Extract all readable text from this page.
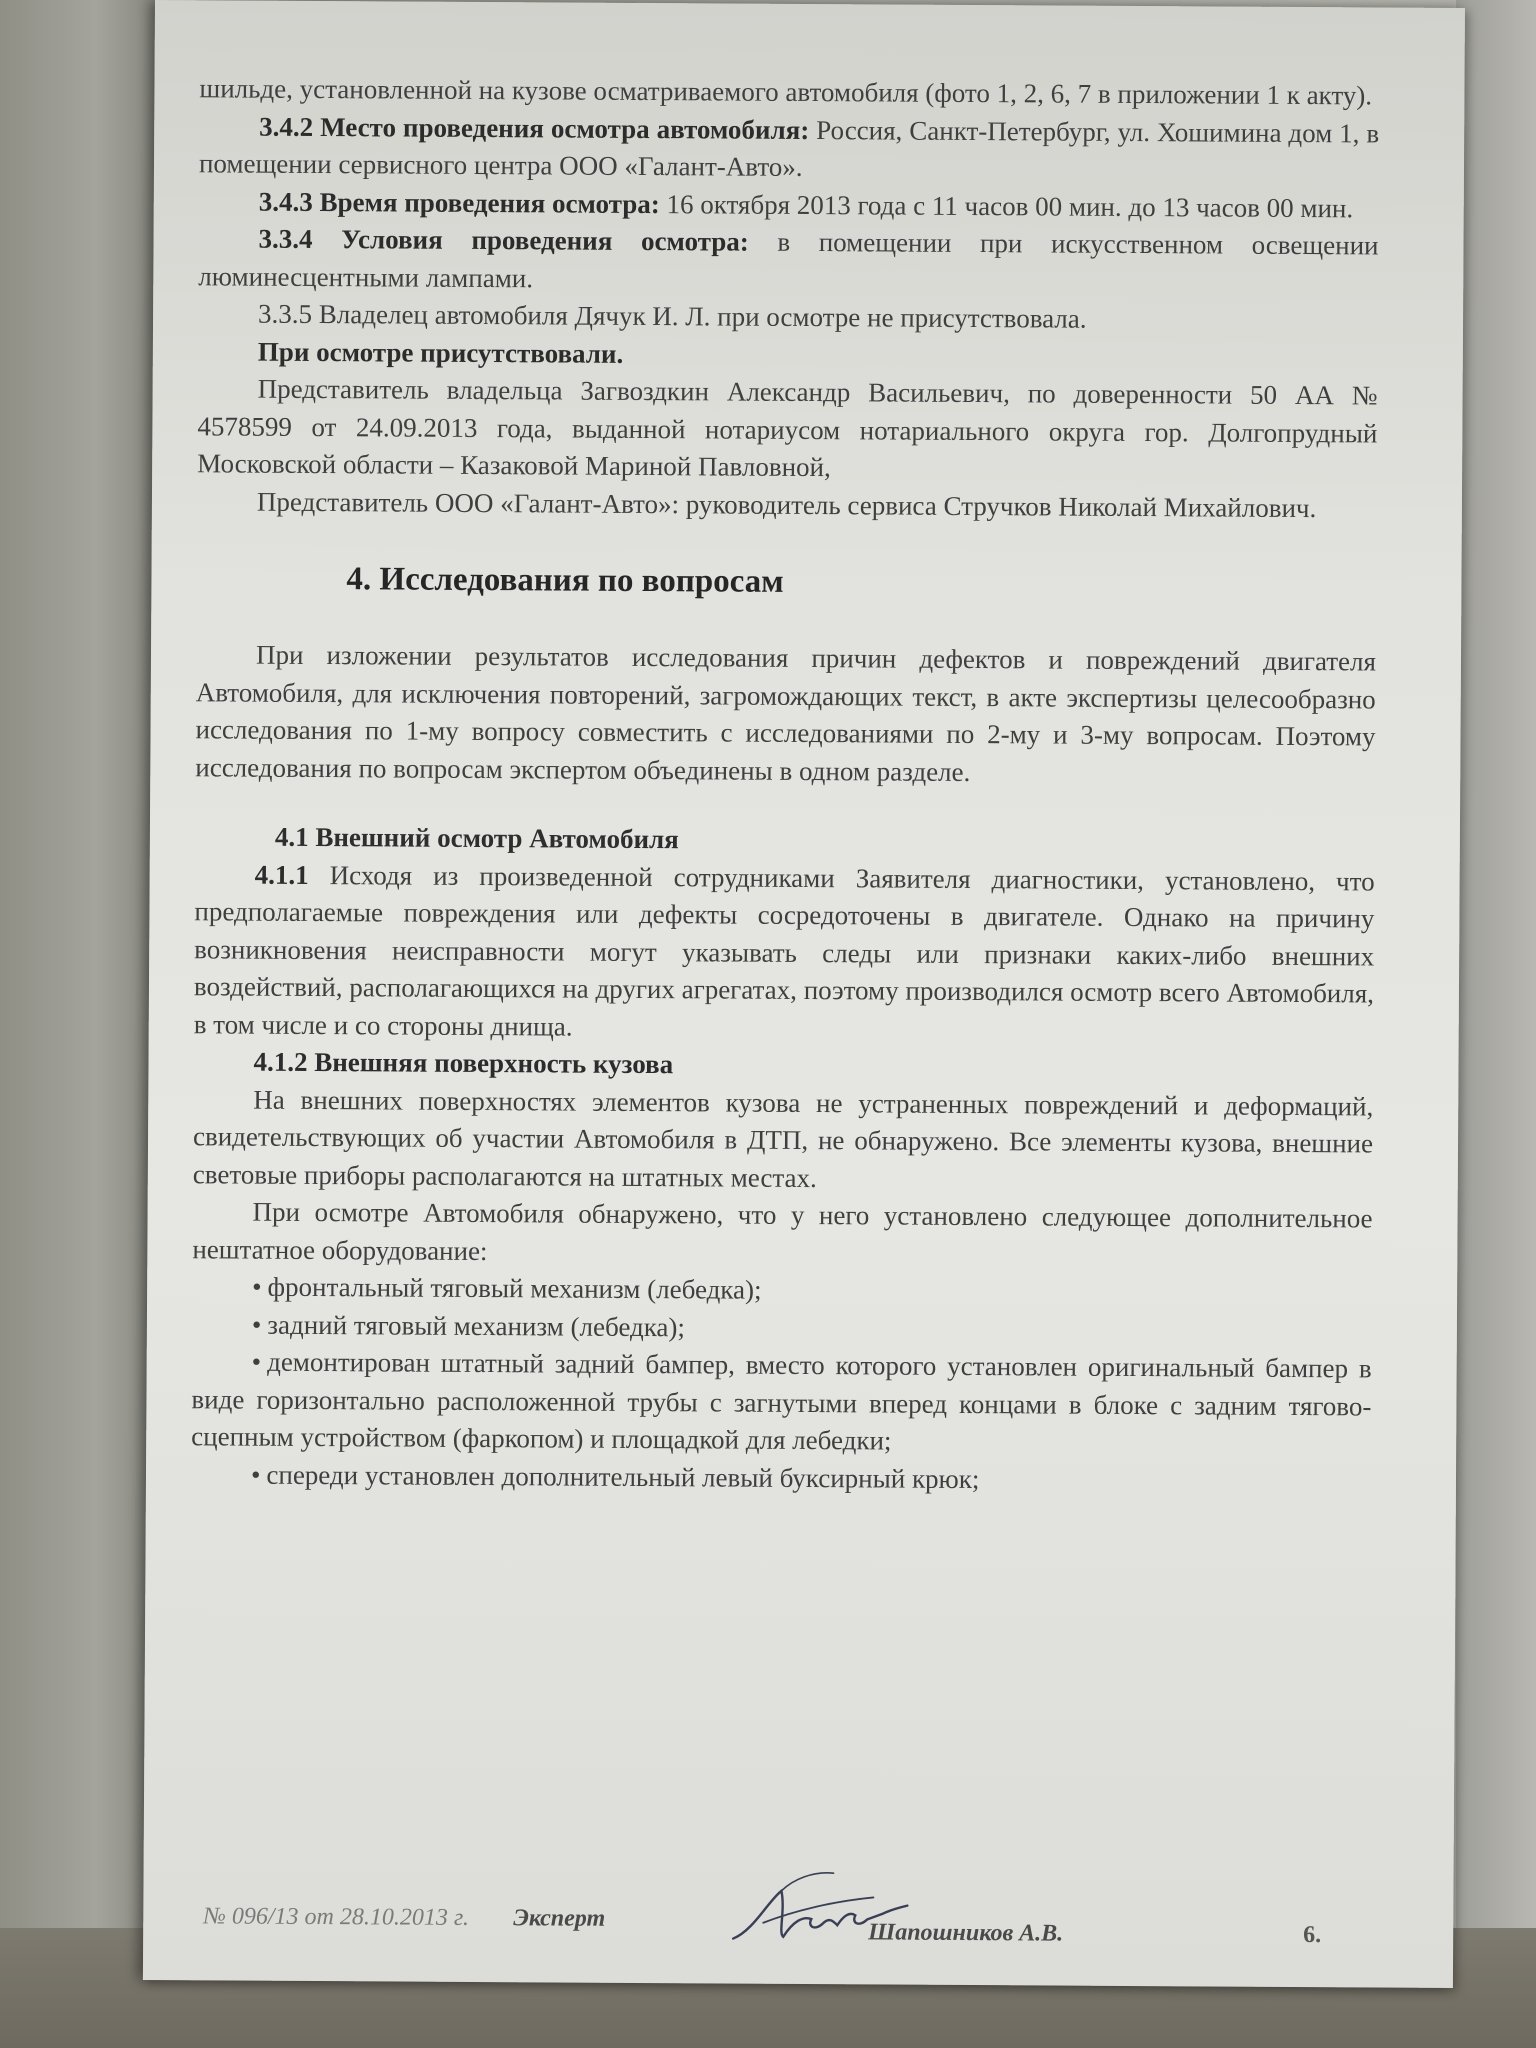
шильде, установленной на кузове осматриваемого автомобиля (фото 1, 2, 6, 7 в приложении 1 к акту).

3.4.2 Место проведения осмотра автомобиля: Россия, Санкт-Петербург, ул. Хошимина дом 1, в помещении сервисного центра ООО «Галант-Авто».

3.4.3 Время проведения осмотра: 16 октября 2013 года с 11 часов 00 мин. до 13 часов 00 мин.

3.3.4 Условия проведения осмотра: в помещении при искусственном освещении люминесцентными лампами.

3.3.5 Владелец автомобиля Дячук И. Л. при осмотре не присутствовала.

При осмотре присутствовали.

Представитель владельца Загвоздкин Александр Васильевич, по доверенности 50 АА № 4578599 от 24.09.2013 года, выданной нотариусом нотариального округа гор. Долгопрудный Московской области – Казаковой Мариной Павловной,

Представитель ООО «Галант-Авто»: руководитель сервиса Стручков Николай Михайлович.

4. Исследования по вопросам

При изложении результатов исследования причин дефектов и повреждений двигателя Автомобиля, для исключения повторений, загромождающих текст, в акте экспертизы целесообразно исследования по 1-му вопросу совместить с исследованиями по 2-му и 3-му вопросам. Поэтому исследования по вопросам экспертом объединены в одном разделе.

4.1 Внешний осмотр Автомобиля

4.1.1 Исходя из произведенной сотрудниками Заявителя диагностики, установлено, что предполагаемые повреждения или дефекты сосредоточены в двигателе. Однако на причину возникновения неисправности могут указывать следы или признаки каких-либо внешних воздействий, располагающихся на других агрегатах, поэтому производился осмотр всего Автомобиля, в том числе и со стороны днища.

4.1.2 Внешняя поверхность кузова

На внешних поверхностях элементов кузова не устраненных повреждений и деформаций, свидетельствующих об участии Автомобиля в ДТП, не обнаружено. Все элементы кузова, внешние световые приборы располагаются на штатных местах.

При осмотре Автомобиля обнаружено, что у него установлено следующее дополнительное нештатное оборудование:

• фронтальный тяговый механизм (лебедка);

• задний тяговый механизм (лебедка);

• демонтирован штатный задний бампер, вместо которого установлен оригинальный бампер в виде горизонтально расположенной трубы с загнутыми вперед концами в блоке с задним тягово-сцепным устройством (фаркопом) и площадкой для лебедки;

• спереди установлен дополнительный левый буксирный крюк;

№ 096/13 от 28.10.2013 г. Эксперт
Шапошников А.В.	6.
